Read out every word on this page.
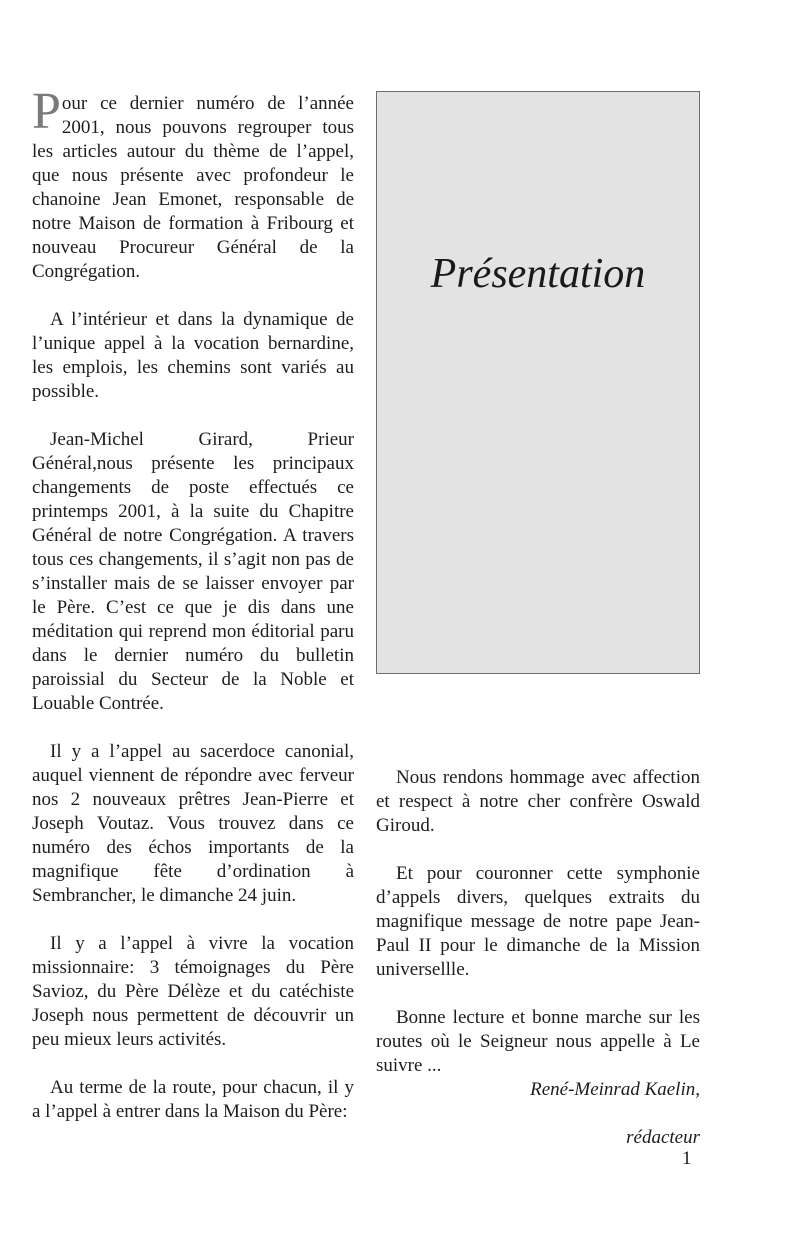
Pour ce dernier numéro de l’année 2001, nous pouvons regrouper tous les articles autour du thème de l’appel, que nous présente avec profondeur le chanoine Jean Emonet, responsable de notre Maison de formation à Fribourg et nouveau Procureur Général de la Congrégation.

A l’intérieur et dans la dynamique de l’unique appel à la vocation bernardine, les emplois, les chemins sont variés au possible.

Jean-Michel Girard, Prieur Général,nous présente les principaux changements de poste effectués ce printemps 2001, à la suite du Chapitre Général de notre Congrégation. A travers tous ces changements, il s’agit non pas de s’installer mais de se laisser envoyer par le Père. C’est ce que je dis dans une méditation qui reprend mon éditorial paru dans le dernier numéro du bulletin paroissial du Secteur de la Noble et Louable Contrée.

Il y a l’appel au sacerdoce canonial, auquel viennent de répondre avec ferveur nos 2 nouveaux prêtres Jean-Pierre et Joseph Voutaz. Vous trouvez dans ce numéro des échos importants de la magnifique fête d’ordination à Sembrancher, le dimanche 24 juin.

Il y a l’appel à vivre la vocation missionnaire: 3 témoignages du Père Savioz, du Père Délèze et du catéchiste Joseph nous permettent de découvrir un peu mieux leurs activités.

Au terme de la route, pour chacun, il y a l’appel à entrer dans la Maison du Père:

Présentation

Nous rendons hommage avec affection et respect à notre cher confrère Oswald Giroud.

Et pour couronner cette symphonie d’appels divers, quelques extraits du magnifique message de notre pape Jean-Paul II pour le dimanche de la Mission universellle.

Bonne lecture et bonne marche sur les routes où le Seigneur nous appelle à Le suivre ...

René-Meinrad Kaelin,

rédacteur

1
